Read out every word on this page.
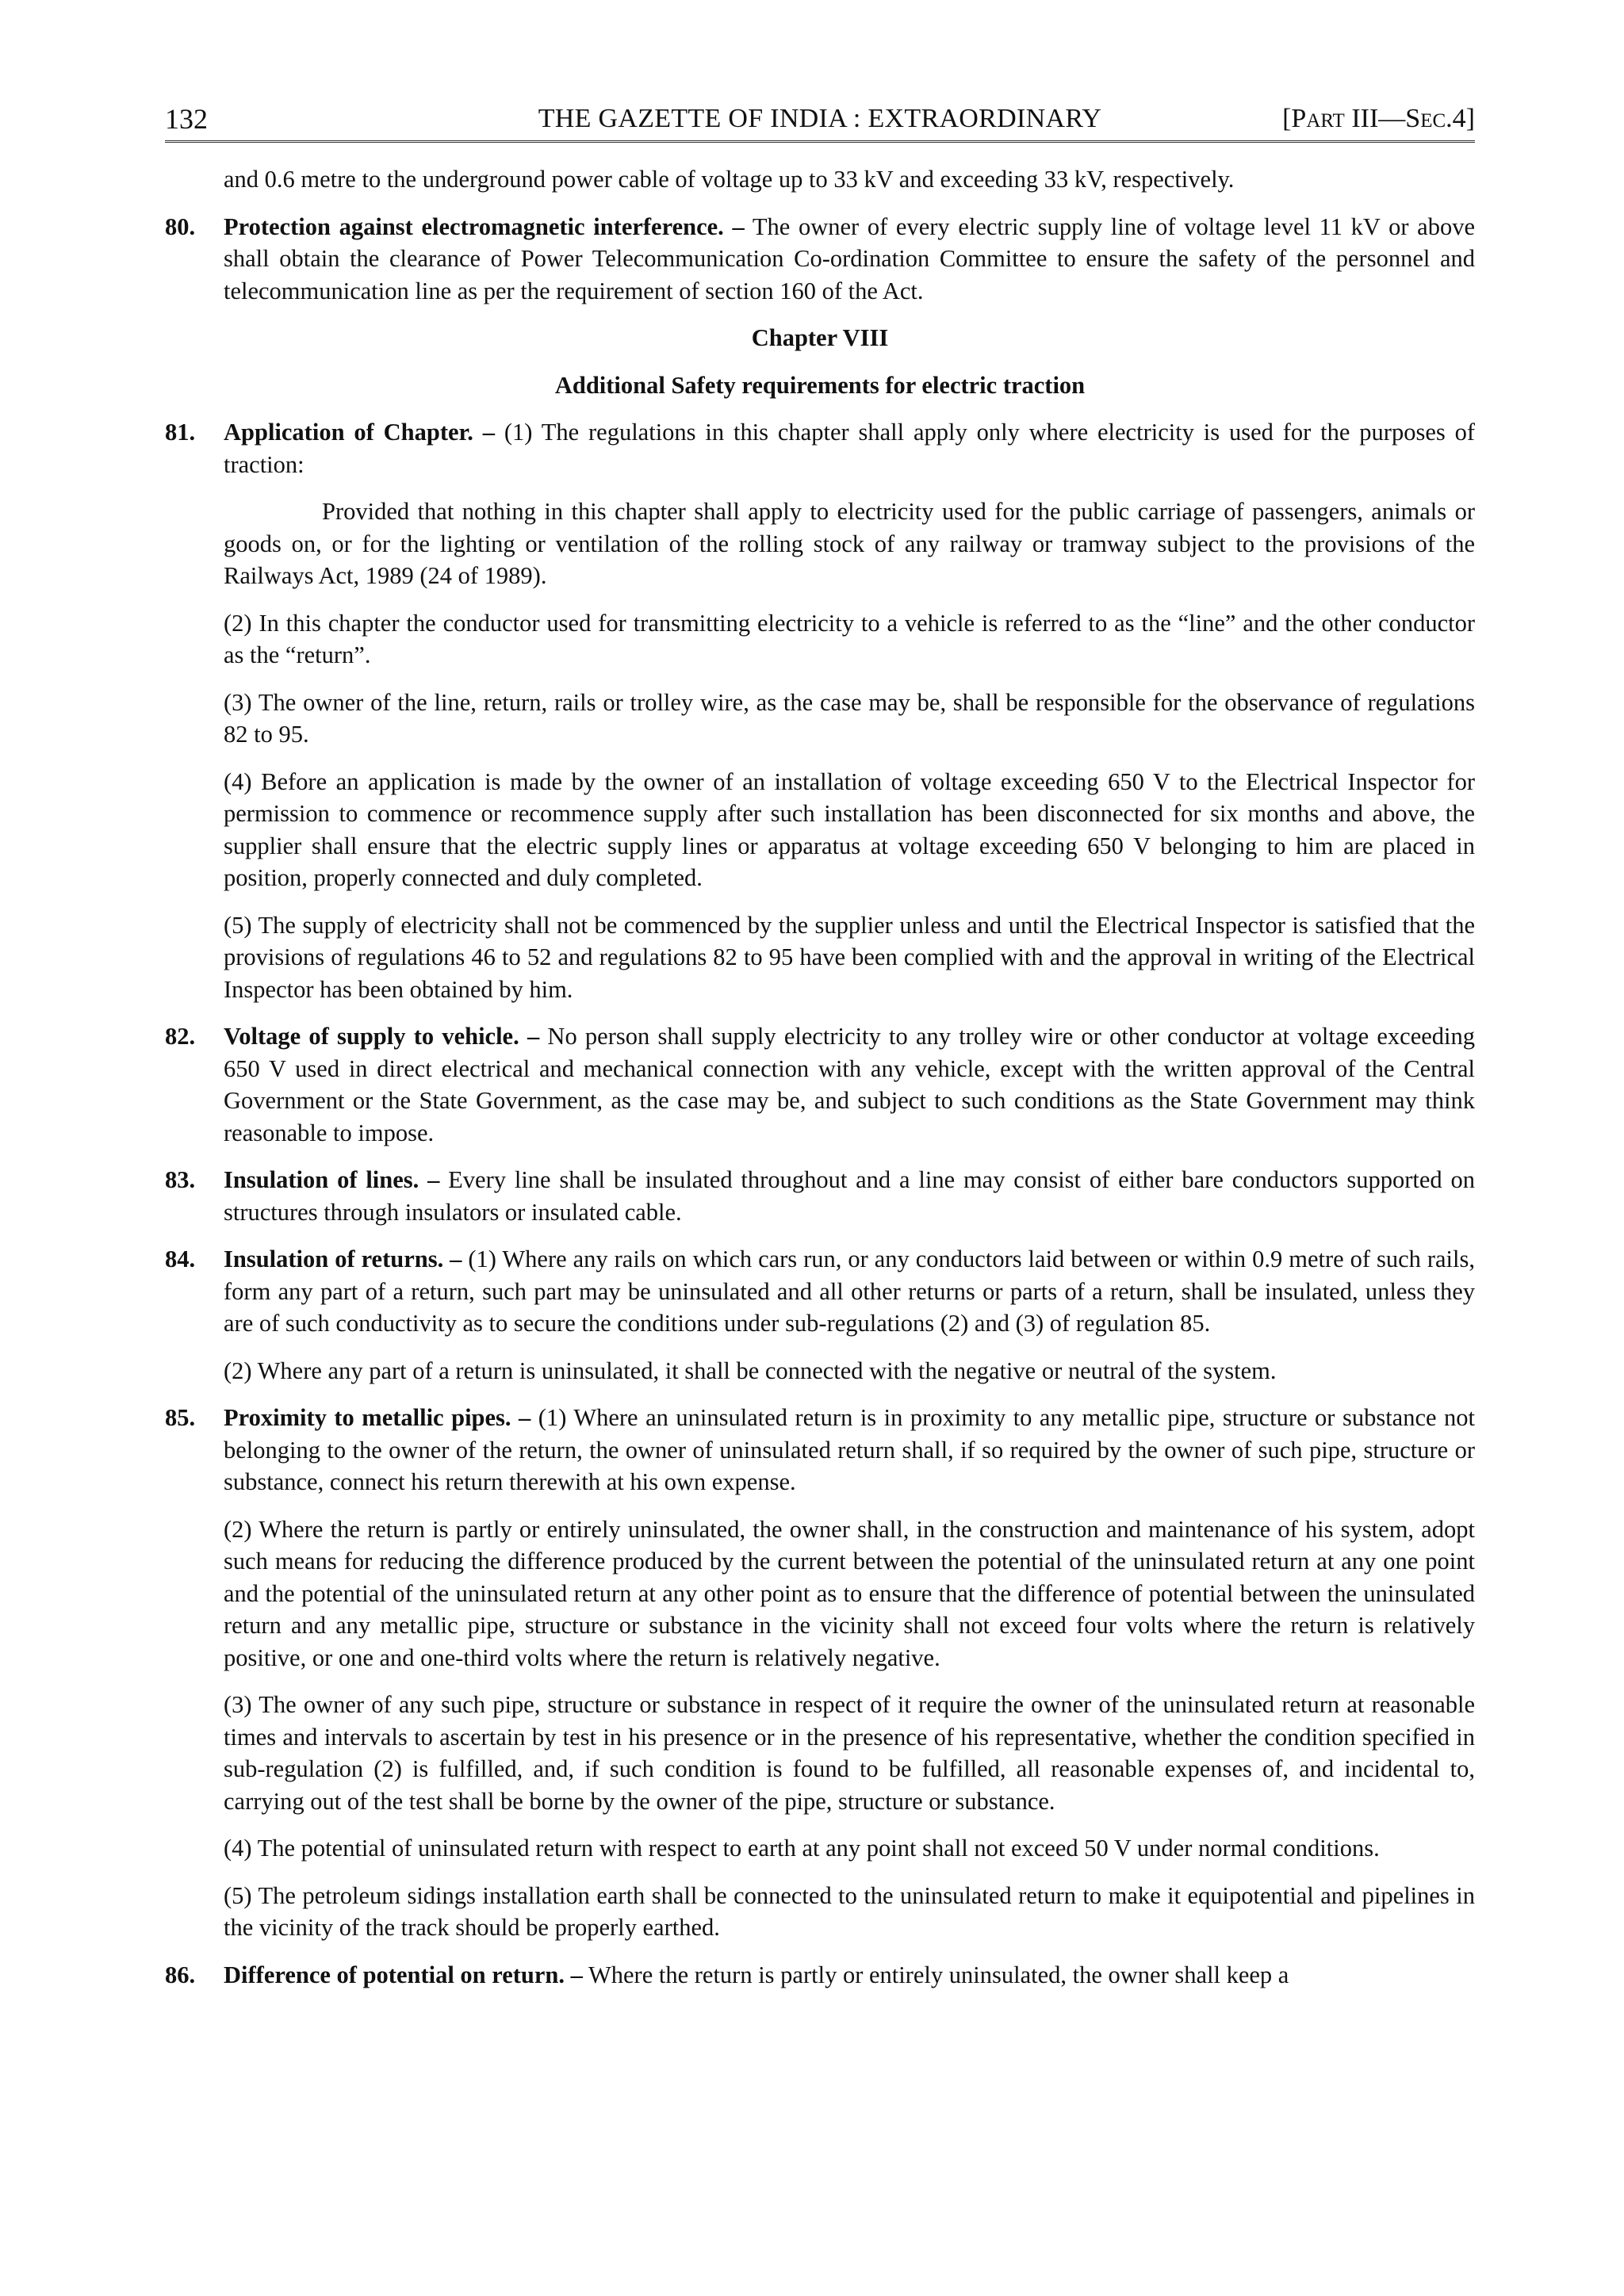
132	THE GAZETTE OF INDIA : EXTRAORDINARY	[PART III—SEC.4]

and 0.6 metre to the underground power cable of voltage up to 33 kV and exceeding 33 kV, respectively.

80. Protection against electromagnetic interference. – The owner of every electric supply line of voltage level 11 kV or above shall obtain the clearance of Power Telecommunication Co-ordination Committee to ensure the safety of the personnel and telecommunication line as per the requirement of section 160 of the Act.
Chapter VIII
Additional Safety requirements for electric traction
81. Application of Chapter. – (1) The regulations in this chapter shall apply only where electricity is used for the purposes of traction:

Provided that nothing in this chapter shall apply to electricity used for the public carriage of passengers, animals or goods on, or for the lighting or ventilation of the rolling stock of any railway or tramway subject to the provisions of the Railways Act, 1989 (24 of 1989).

(2) In this chapter the conductor used for transmitting electricity to a vehicle is referred to as the “line” and the other conductor as the “return”.

(3) The owner of the line, return, rails or trolley wire, as the case may be, shall be responsible for the observance of regulations 82 to 95.

(4) Before an application is made by the owner of an installation of voltage exceeding 650 V to the Electrical Inspector for permission to commence or recommence supply after such installation has been disconnected for six months and above, the supplier shall ensure that the electric supply lines or apparatus at voltage exceeding 650 V belonging to him are placed in position, properly connected and duly completed.

(5) The supply of electricity shall not be commenced by the supplier unless and until the Electrical Inspector is satisfied that the provisions of regulations 46 to 52 and regulations 82 to 95 have been complied with and the approval in writing of the Electrical Inspector has been obtained by him.

82. Voltage of supply to vehicle. – No person shall supply electricity to any trolley wire or other conductor at voltage exceeding 650 V used in direct electrical and mechanical connection with any vehicle, except with the written approval of the Central Government or the State Government, as the case may be, and subject to such conditions as the State Government may think reasonable to impose.
83. Insulation of lines. – Every line shall be insulated throughout and a line may consist of either bare conductors supported on structures through insulators or insulated cable.
84. Insulation of returns. – (1) Where any rails on which cars run, or any conductors laid between or within 0.9 metre of such rails, form any part of a return, such part may be uninsulated and all other returns or parts of a return, shall be insulated, unless they are of such conductivity as to secure the conditions under sub-regulations (2) and (3) of regulation 85.

(2) Where any part of a return is uninsulated, it shall be connected with the negative or neutral of the system.

85. Proximity to metallic pipes. – (1) Where an uninsulated return is in proximity to any metallic pipe, structure or substance not belonging to the owner of the return, the owner of uninsulated return shall, if so required by the owner of such pipe, structure or substance, connect his return therewith at his own expense.

(2) Where the return is partly or entirely uninsulated, the owner shall, in the construction and maintenance of his system, adopt such means for reducing the difference produced by the current between the potential of the uninsulated return at any one point and the potential of the uninsulated return at any other point as to ensure that the difference of potential between the uninsulated return and any metallic pipe, structure or substance in the vicinity shall not exceed four volts where the return is relatively positive, or one and one-third volts where the return is relatively negative.

(3) The owner of any such pipe, structure or substance in respect of it require the owner of the uninsulated return at reasonable times and intervals to ascertain by test in his presence or in the presence of his representative, whether the condition specified in sub-regulation (2) is fulfilled, and, if such condition is found to be fulfilled, all reasonable expenses of, and incidental to, carrying out of the test shall be borne by the owner of the pipe, structure or substance.

(4) The potential of uninsulated return with respect to earth at any point shall not exceed 50 V under normal conditions.

(5) The petroleum sidings installation earth shall be connected to the uninsulated return to make it equipotential and pipelines in the vicinity of the track should be properly earthed.

86. Difference of potential on return. – Where the return is partly or entirely uninsulated, the owner shall keep a
